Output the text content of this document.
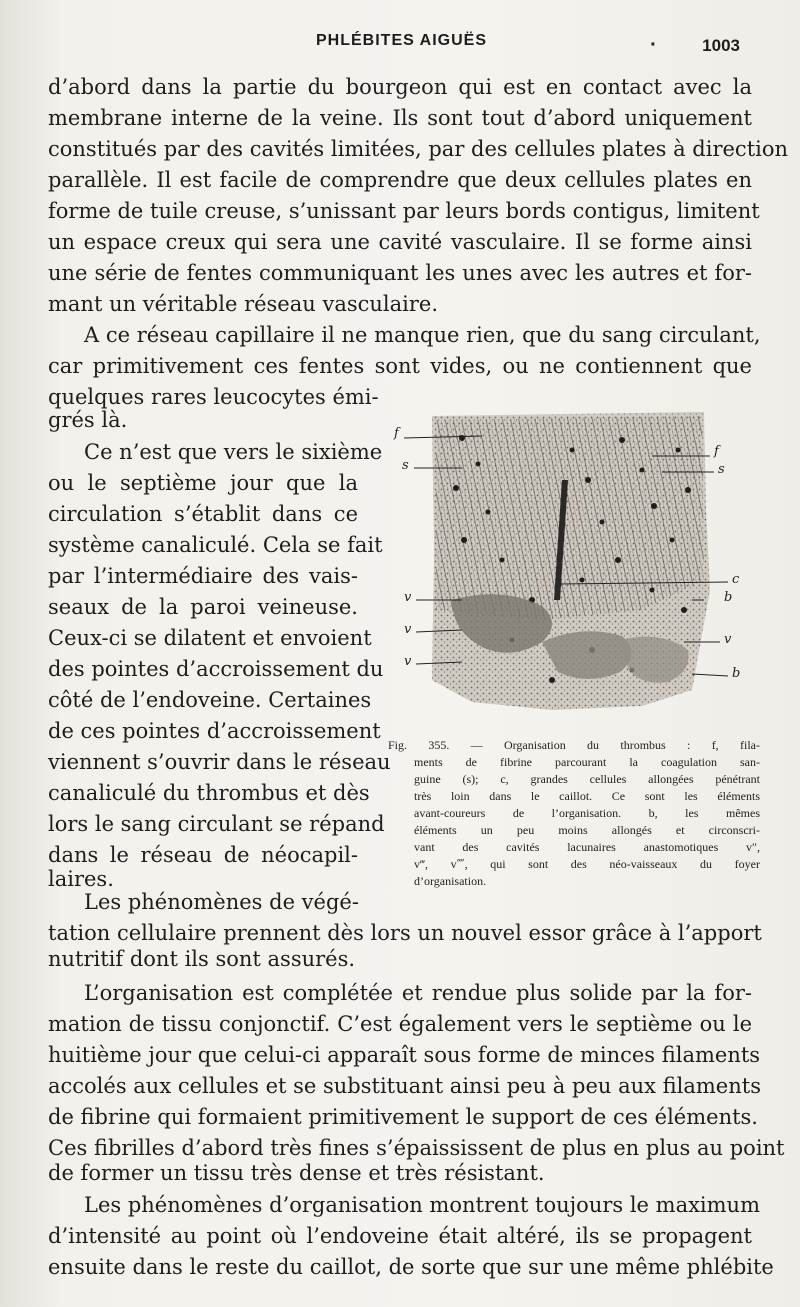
PHLÉBITES AIGUËS
·	1003

d’abord dans la partie du bourgeon qui est en contact avec la

membrane interne de la veine. Ils sont tout d’abord uniquement

constitués par des cavités limitées, par des cellules plates à direction

parallèle. Il est facile de comprendre que deux cellules plates en

forme de tuile creuse, s’unissant par leurs bords contigus, limitent

un espace creux qui sera une cavité vasculaire. Il se forme ainsi

une série de fentes communiquant les unes avec les autres et for-

mant un véritable réseau vasculaire.

A ce réseau capillaire il ne manque rien, que du sang circulant,

car primitivement ces fentes sont vides, ou ne contiennent que

quelques rares leucocytes émi-

grés là.

Ce n’est que vers le sixième

ou le septième jour que la

circulation s’établit dans ce

système canaliculé. Cela se fait

par l’intermédiaire des vais-

seaux de la paroi veineuse.

Ceux-ci se dilatent et envoient

des pointes d’accroissement du

côté de l’endoveine. Certaines

de ces pointes d’accroissement

viennent s’ouvrir dans le réseau

canaliculé du thrombus et dès

lors le sang circulant se répand

dans le réseau de néocapil-

laires.

Les phénomènes de végé-

tation cellulaire prennent dès lors un nouvel essor grâce à l’apport

nutritif dont ils sont assurés.

L’organisation est complétée et rendue plus solide par la for-

mation de tissu conjonctif. C’est également vers le septième ou le

huitième jour que celui-ci apparaît sous forme de minces filaments

accolés aux cellules et se substituant ainsi peu à peu aux filaments

de fibrine qui formaient primitivement le support de ces éléments.

Ces fibrilles d’abord très fines s’épaississent de plus en plus au point

de former un tissu très dense et très résistant.

Les phénomènes d’organisation montrent toujours le maximum

d’intensité au point où l’endoveine était altéré, ils se propagent

ensuite dans le reste du caillot, de sorte que sur une même phlébite

f
s
f
s
c
b
v
b
v
v
v
Fig. 355. — Organisation du thrombus : f, fila-
ments de fibrine parcourant la coagulation san-
guine (s); c, grandes cellules allongées pénétrant
très loin dans le caillot. Ce sont les éléments
avant-coureurs de l’organisation. b, les mêmes
éléments un peu moins allongés et circonscri-
vant des cavités lacunaires anastomotiques v″,
v‴, v⁗, qui sont des néo-vaisseaux du foyer
d’organisation.
